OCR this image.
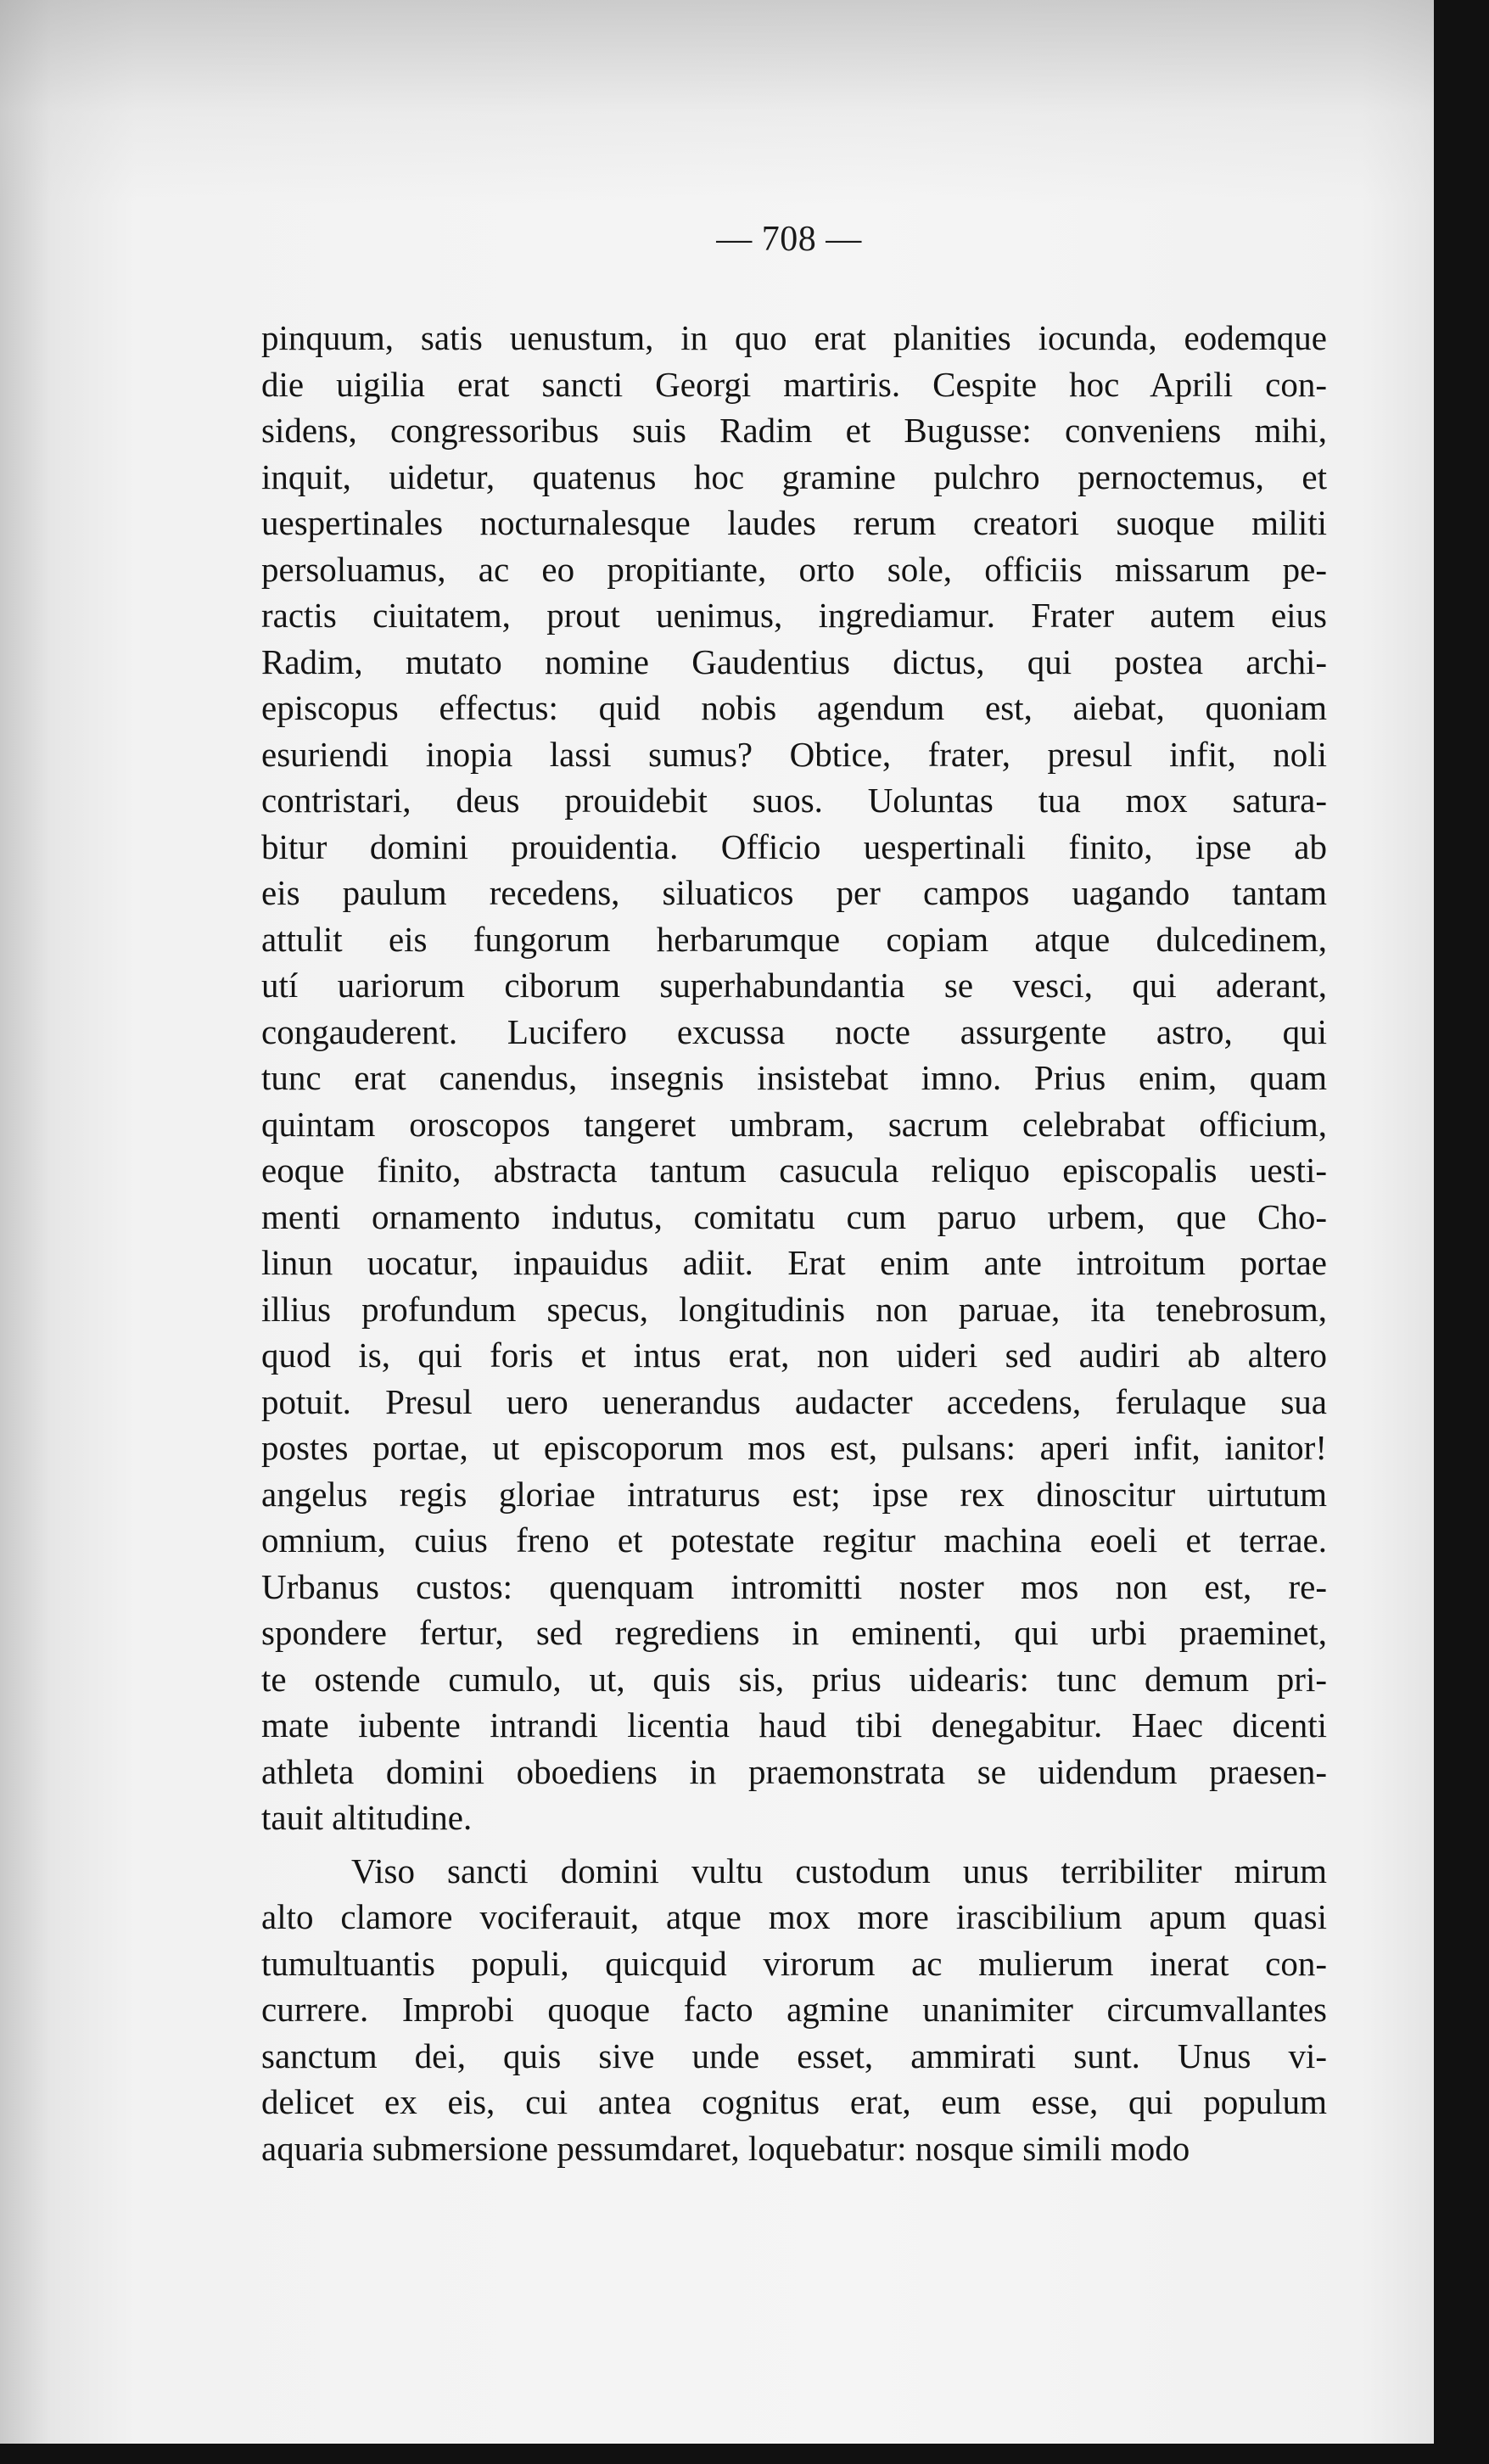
— 708 —
pinquum, satis uenustum, in quo erat planities iocunda, eodemque
die uigilia erat sancti Georgi martiris. Cespite hoc Aprili con-
sidens, congressoribus suis Radim et Bugusse: conveniens mihi,
inquit, uidetur, quatenus hoc gramine pulchro pernoctemus, et
uespertinales nocturnalesque laudes rerum creatori suoque militi
persoluamus, ac eo propitiante, orto sole, officiis missarum pe-
ractis ciuitatem, prout uenimus, ingrediamur. Frater autem eius
Radim, mutato nomine Gaudentius dictus, qui postea archi-
episcopus effectus: quid nobis agendum est, aiebat, quoniam
esuriendi inopia lassi sumus? Obtice, frater, presul infit, noli
contristari, deus prouidebit suos. Uoluntas tua mox satura-
bitur domini prouidentia. Officio uespertinali finito, ipse ab
eis paulum recedens, siluaticos per campos uagando tantam
attulit eis fungorum herbarumque copiam atque dulcedinem,
utí uariorum ciborum superhabundantia se vesci, qui aderant,
congauderent. Lucifero excussa nocte assurgente astro, qui
tunc erat canendus, insegnis insistebat imno. Prius enim, quam
quintam oroscopos tangeret umbram, sacrum celebrabat officium,
eoque finito, abstracta tantum casucula reliquo episcopalis uesti-
menti ornamento indutus, comitatu cum paruo urbem, que Cho-
linun uocatur, inpauidus adiit. Erat enim ante introitum portae
illius profundum specus, longitudinis non paruae, ita tenebrosum,
quod is, qui foris et intus erat, non uideri sed audiri ab altero
potuit. Presul uero uenerandus audacter accedens, ferulaque sua
postes portae, ut episcoporum mos est, pulsans: aperi infit, ianitor!
angelus regis gloriae intraturus est; ipse rex dinoscitur uirtutum
omnium, cuius freno et potestate regitur machina eoeli et terrae.
Urbanus custos: quenquam intromitti noster mos non est, re-
spondere fertur, sed regrediens in eminenti, qui urbi praeminet,
te ostende cumulo, ut, quis sis, prius uidearis: tunc demum pri-
mate iubente intrandi licentia haud tibi denegabitur. Haec dicenti
athleta domini oboediens in praemonstrata se uidendum praesen-
tauit altitudine.
Viso sancti domini vultu custodum unus terribiliter mirum
alto clamore vociferauit, atque mox more irascibilium apum quasi
tumultuantis populi, quicquid virorum ac mulierum inerat con-
currere. Improbi quoque facto agmine unanimiter circumvallantes
sanctum dei, quis sive unde esset, ammirati sunt. Unus vi-
delicet ex eis, cui antea cognitus erat, eum esse, qui populum
aquaria submersione pessumdaret, loquebatur: nosque simili modo
